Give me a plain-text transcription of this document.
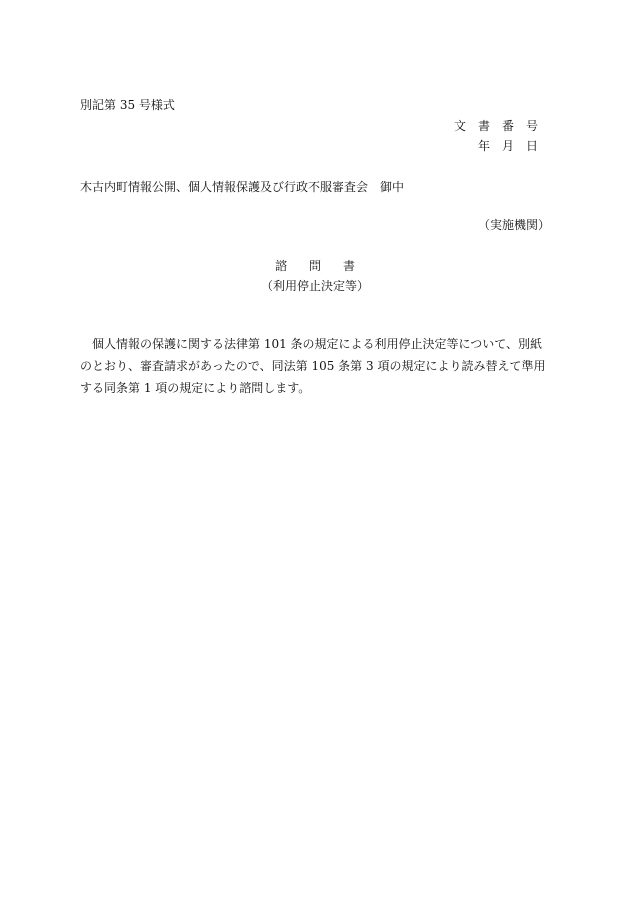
別記第 35 号様式
文書番号
年月日
木古内町情報公開、個人情報保護及び行政不服審査会　御中
（実施機関）
諮問書
（利用停止決定等）
個人情報の保護に関する法律第 101 条の規定による利用停止決定等について、別紙のとおり、審査請求があったので、同法第 105 条第 3 項の規定により読み替えて準用する同条第 1 項の規定により諮問します。
